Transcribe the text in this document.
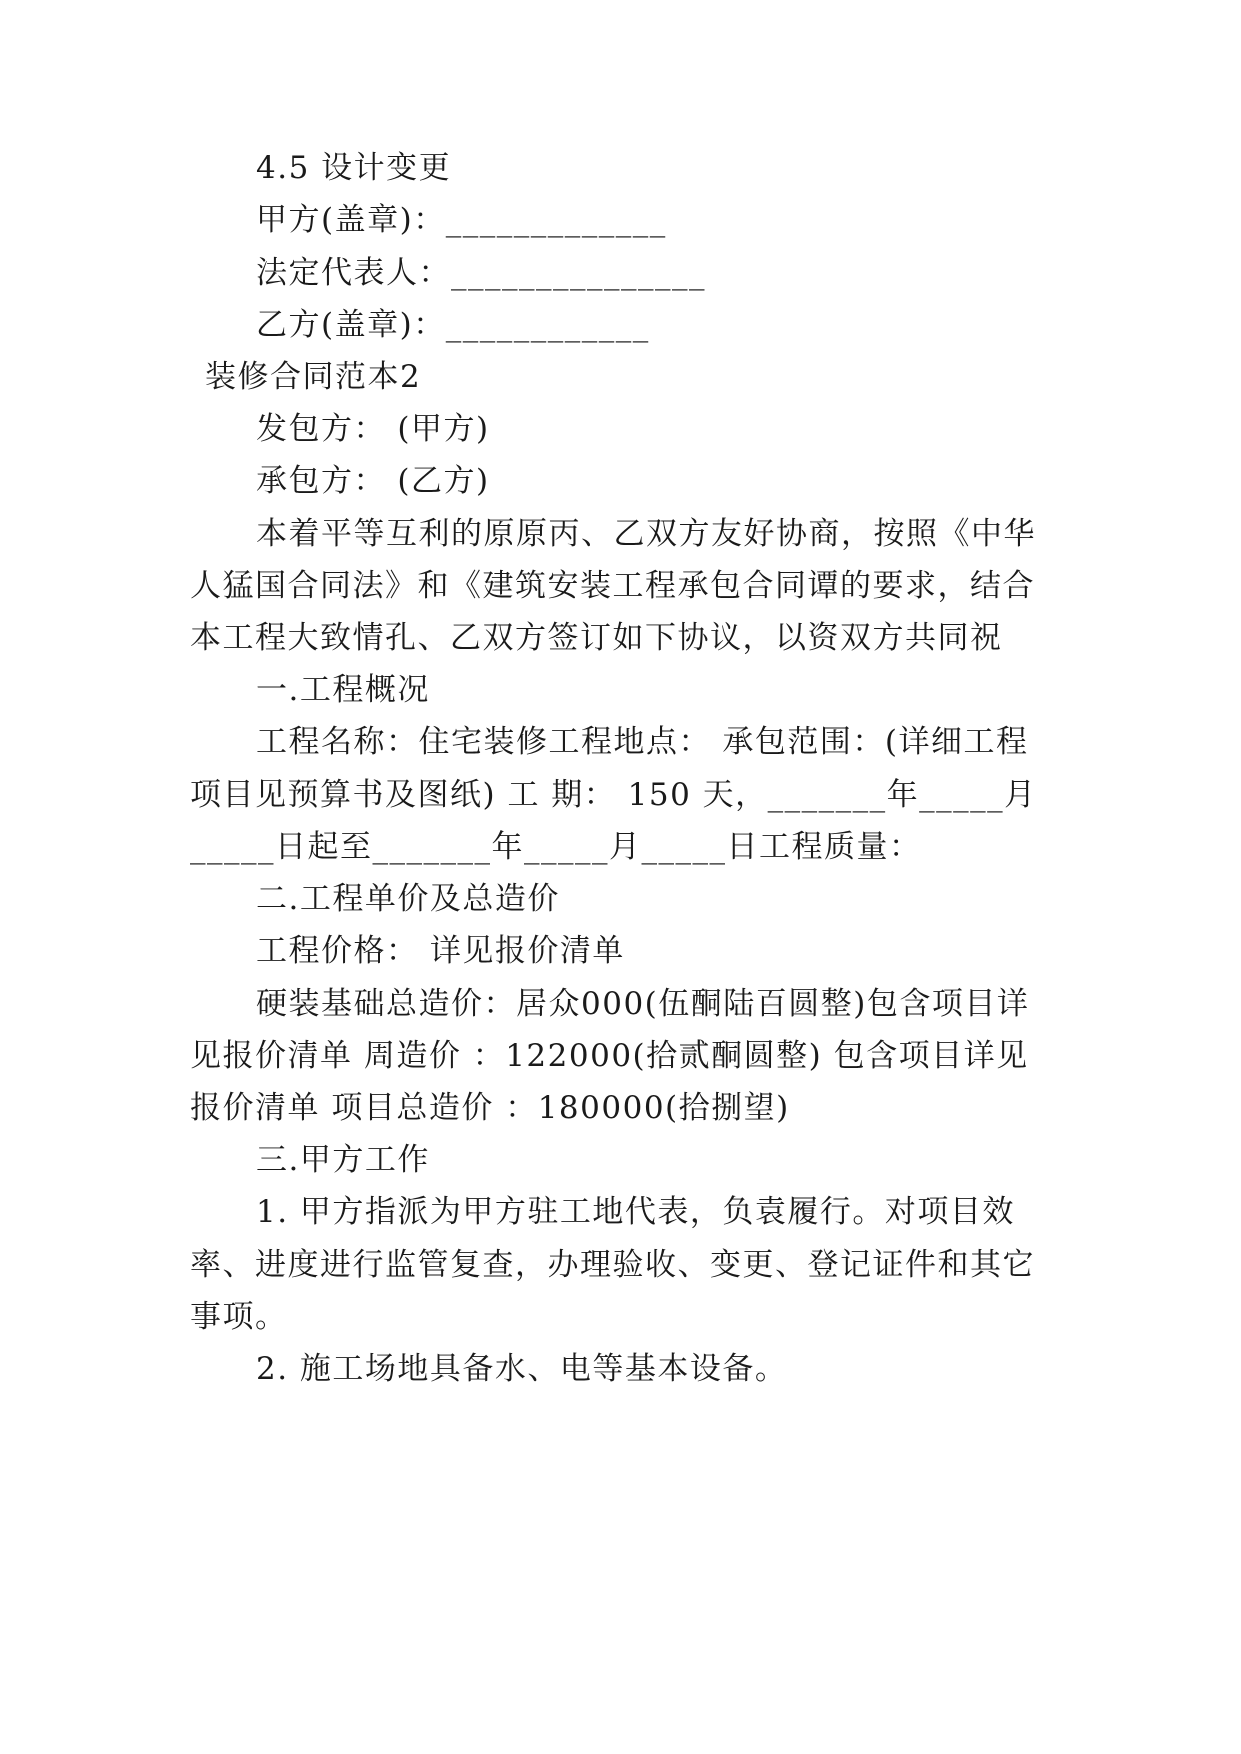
4.5 设计变更
甲方(盖章)：_____________
法定代表人：_______________
乙方(盖章)：____________
装修合同范本2
发包方： (甲方)
承包方： (乙方)
本着平等互利的原原丙、乙双方友好协商，按照《中华
人猛国合同法》和《建筑安装工程承包合同谭的要求，结合
本工程大致情孔、乙双方签订如下协议，以资双方共同祝
一.工程概况
工程名称：住宅装修工程地点： 承包范围：(详细工程
项目见预算书及图纸) 工 期： 150 天，_______年_____月
_____日起至_______年_____月_____日工程质量：
二.工程单价及总造价
工程价格： 详见报价清单
硬装基础总造价：居众000(伍酮陆百圆整)包含项目详
见报价清单 周造价 ：122000(拾贰酮圆整) 包含项目详见
报价清单 项目总造价 ：180000(拾捌望)
三.甲方工作
1. 甲方指派为甲方驻工地代表，负袁履行。对项目效
率、进度进行监管复查，办理验收、变更、登记证件和其它
事项。
2. 施工场地具备水、电等基本设备。
